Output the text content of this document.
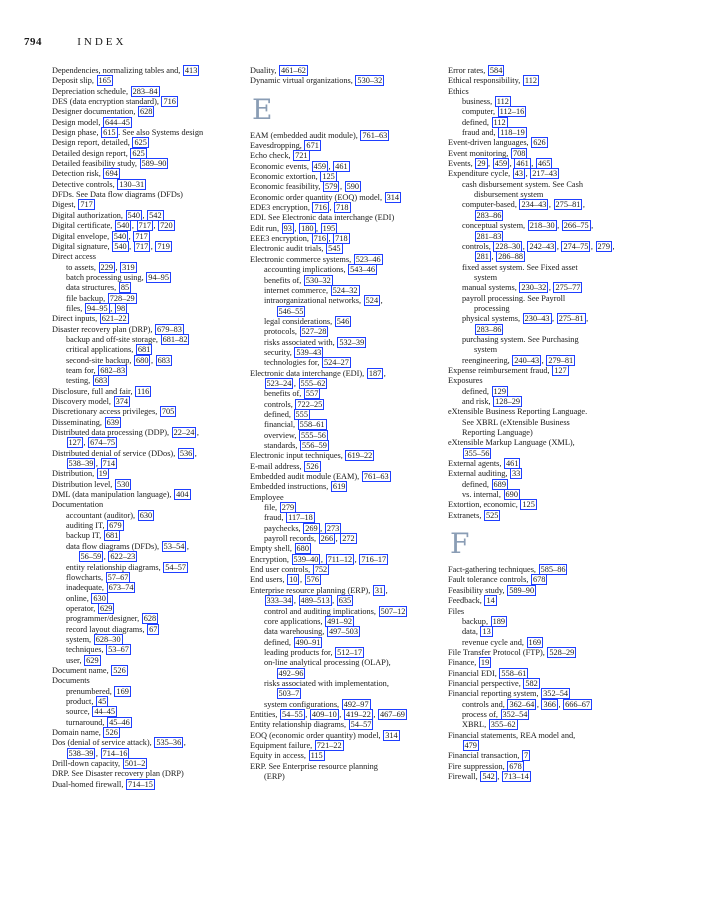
794	INDEX
Dependencies, normalizing tables and, 413
Deposit slip, 165
Depreciation schedule, 283–84
DES (data encryption standard), 716
Designer documentation, 628
Design model, 644–45
Design phase, 615 . See also Systems design
Design report, detailed, 625
Detailed design report, 625
Detailed feasibility study, 589–90
Detection risk, 694
Detective controls, 130–31
DFDs. See Data flow diagrams (DFDs)
Digest, 717
Digital authorization, 540 , 542
Digital certificate, 540 , 717 , 720
Digital envelope, 540 , 717
Digital signature, 540 , 717 , 719
Direct access
to assets, 229 , 319
batch processing using, 94–95
data structures, 85
file backup, 728–29
files, 94–95 , 98
Direct inputs, 621–22
Disaster recovery plan (DRP), 679–83
backup and off-site storage, 681–82
critical applications, 681
second-site backup, 680 , 683
team for, 682–83
testing, 683
Disclosure, full and fair, 116
Discovery model, 374
Discretionary access privileges, 705
Disseminating, 639
Distributed data processing (DDP), 22–24 ,
127 , 674–75
Distributed denial of service (DDos), 536 ,
538–39 , 714
Distribution, 19
Distribution level, 530
DML (data manipulation language), 404
Documentation
accountant (auditor), 630
auditing IT, 679
backup IT, 681
data flow diagrams (DFDs), 53–54 ,
56–59 , 622–23
entity relationship diagrams, 54–57
flowcharts, 57–67
inadequate, 673–74
online, 630
operator, 629
programmer/designer, 628
record layout diagrams, 67
system, 628–30
techniques, 53–67
user, 629
Document name, 526
Documents
prenumbered, 169
product, 45
source, 44–45
turnaround, 45–46
Domain name, 526
Dos (denial of service attack), 535–36 ,
538–39 , 714–16
Drill-down capacity, 501–2
DRP. See Disaster recovery plan (DRP)
Dual-homed firewall, 714–15
Duality, 461–62
Dynamic virtual organizations, 530–32
E
EAM (embedded audit module), 761–63
Eavesdropping, 671
Echo check, 721
Economic events, 459 , 461
Economic extortion, 125
Economic feasibility, 579 , 590
Economic order quantity (EOQ) model, 314
EDE3 encryption, 716 , 718
EDI. See Electronic data interchange (EDI)
Edit run, 93 , 180 , 195
EEE3 encryption, 716 , 718
Electronic audit trials, 545
Electronic commerce systems, 523–46
accounting implications, 543–46
benefits of, 530–32
internet commerce, 524–32
intraorganizational networks, 524 ,
546–55
legal considerations, 546
protocols, 527–28
risks associated with, 532–39
security, 539–43
technologies for, 524–27
Electronic data interchange (EDI), 187 ,
523–24 , 555–62
benefits of, 557
controls, 722–25
defined, 555
financial, 558–61
overview, 555–56
standards, 556–59
Electronic input techniques, 619–22
E-mail address, 526
Embedded audit module (EAM), 761–63
Embedded instructions, 619
Employee
file, 279
fraud, 117–18
paychecks, 269 , 273
payroll records, 266 , 272
Empty shell, 680
Encryption, 539–40 , 711–12 , 716–17
End user controls, 752
End users, 10 , 576
Enterprise resource planning (ERP), 31 ,
333–34 , 489–513 , 635
control and auditing implications, 507–12
core applications, 491–92
data warehousing, 497–503
defined, 490–91
leading products for, 512–17
on-line analytical processing (OLAP),
492–96
risks associated with implementation,
503–7
system configurations, 492–97
Entities, 54–55 , 409–10 , 419–22 , 467–69
Entity relationship diagrams, 54–57
EOQ (economic order quantity) model, 314
Equipment failure, 721–22
Equity in access, 115
ERP. See Enterprise resource planning
(ERP)
Error rates, 584
Ethical responsibility, 112
Ethics
business, 112
computer, 112–16
defined, 112
fraud and, 118–19
Event-driven languages, 626
Event monitoring, 708
Events, 29 , 459 , 461 , 465
Expenditure cycle, 43 , 217–43
cash disbursement system. See Cash
disbursement system
computer-based, 234–43 , 275–81 ,
283–86
conceptual system, 218–30 , 266–75 ,
281–83
controls, 228–30 , 242–43 , 274–75 , 279 ,
281 , 286–88
fixed asset system. See Fixed asset
system
manual systems, 230–32 , 275–77
payroll processing. See Payroll
processing
physical systems, 230–43 , 275–81 ,
283–86
purchasing system. See Purchasing
system
reengineering, 240–43 , 279–81
Expense reimbursement fraud, 127
Exposures
defined, 129
and risk, 128–29
eXtensible Business Reporting Language.
See XBRL (eXtensible Business
Reporting Language)
eXtensible Markup Language (XML),
355–56
External agents, 461
External auditing, 33
defined, 689
vs. internal, 690
Extortion, economic, 125
Extranets, 525
F
Fact-gathering techniques, 585–86
Fault tolerance controls, 678
Feasibility study, 589–90
Feedback, 14
Files
backup, 189
data, 13
revenue cycle and, 169
File Transfer Protocol (FTP), 528–29
Finance, 19
Financial EDI, 558–61
Financial perspective, 582
Financial reporting system, 352–54
controls and, 362–64 , 366 , 666–67
process of, 352–54
XBRL, 355–62
Financial statements, REA model and,
479
Financial transaction, 7
Fire suppression, 678
Firewall, 542 , 713–14
